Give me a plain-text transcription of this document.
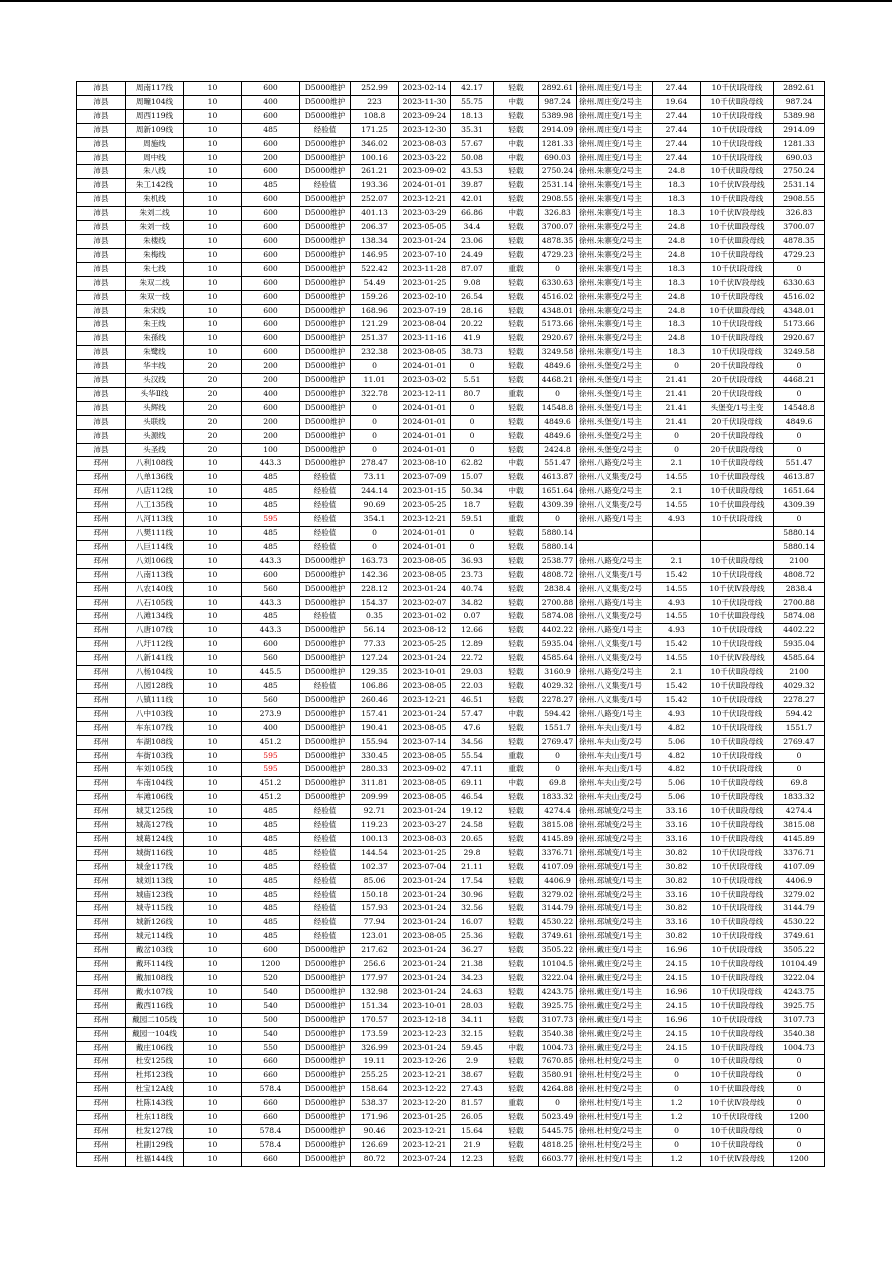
沛县	周南117线	10	600	D5000维护	252.99	2023-02-14	42.17	轻载	2892.61	徐州.周庄变/1号主	27.44	10千伏Ⅰ段母线	2892.61
沛县	周疃104线	10	400	D5000维护	223	2023-11-30	55.75	中载	987.24	徐州.周庄变/2号主	19.64	10千伏Ⅱ段母线	987.24
沛县	周西119线	10	600	D5000维护	108.8	2023-09-24	18.13	轻载	5389.98	徐州.周庄变/1号主	27.44	10千伏Ⅰ段母线	5389.98
沛县	周新109线	10	485	经验值	171.25	2023-12-30	35.31	轻载	2914.09	徐州.周庄变/1号主	27.44	10千伏Ⅰ段母线	2914.09
沛县	周施线	10	600	D5000维护	346.02	2023-08-03	57.67	中载	1281.33	徐州.周庄变/1号主	27.44	10千伏Ⅰ段母线	1281.33
沛县	周中线	10	200	D5000维护	100.16	2023-03-22	50.08	中载	690.03	徐州.周庄变/1号主	27.44	10千伏Ⅰ段母线	690.03
沛县	朱八线	10	600	D5000维护	261.21	2023-09-02	43.53	轻载	2750.24	徐州.朱寨变/2号主	24.8	10千伏Ⅱ段母线	2750.24
沛县	朱工142线	10	485	经验值	193.36	2024-01-01	39.87	轻载	2531.14	徐州.朱寨变/1号主	18.3	10千伏Ⅳ段母线	2531.14
沛县	朱机线	10	600	D5000维护	252.07	2023-12-21	42.01	轻载	2908.55	徐州.朱寨变/1号主	18.3	10千伏Ⅱ段母线	2908.55
沛县	朱刘二线	10	600	D5000维护	401.13	2023-03-29	66.86	中载	326.83	徐州.朱寨变/1号主	18.3	10千伏Ⅳ段母线	326.83
沛县	朱刘一线	10	600	D5000维护	206.37	2023-05-05	34.4	轻载	3700.07	徐州.朱寨变/2号主	24.8	10千伏Ⅲ段母线	3700.07
沛县	朱楼线	10	600	D5000维护	138.34	2023-01-24	23.06	轻载	4878.35	徐州.朱寨变/2号主	24.8	10千伏Ⅲ段母线	4878.35
沛县	朱梅线	10	600	D5000维护	146.95	2023-07-10	24.49	轻载	4729.23	徐州.朱寨变/2号主	24.8	10千伏Ⅱ段母线	4729.23
沛县	朱七线	10	600	D5000维护	522.42	2023-11-28	87.07	重载	0	徐州.朱寨变/1号主	18.3	10千伏Ⅰ段母线	0
沛县	朱双二线	10	600	D5000维护	54.49	2023-01-25	9.08	轻载	6330.63	徐州.朱寨变/1号主	18.3	10千伏Ⅳ段母线	6330.63
沛县	朱双一线	10	600	D5000维护	159.26	2023-02-10	26.54	轻载	4516.02	徐州.朱寨变/2号主	24.8	10千伏Ⅱ段母线	4516.02
沛县	朱宋线	10	600	D5000维护	168.96	2023-07-19	28.16	轻载	4348.01	徐州.朱寨变/2号主	24.8	10千伏Ⅲ段母线	4348.01
沛县	朱王线	10	600	D5000维护	121.29	2023-08-04	20.22	轻载	5173.66	徐州.朱寨变/1号主	18.3	10千伏Ⅰ段母线	5173.66
沛县	朱孫线	10	600	D5000维护	251.37	2023-11-16	41.9	轻载	2920.67	徐州.朱寨变/2号主	24.8	10千伏Ⅱ段母线	2920.67
沛县	朱鹭线	10	600	D5000维护	232.38	2023-08-05	38.73	轻载	3249.58	徐州.朱寨变/1号主	18.3	10千伏Ⅰ段母线	3249.58
沛县	华丰线	20	200	D5000维护	0	2024-01-01	0	轻载	4849.6	徐州.头堡变/2号主	0	20千伏Ⅱ段母线	0
沛县	头汉线	20	200	D5000维护	11.01	2023-03-02	5.51	轻载	4468.21	徐州.头堡变/1号主	21.41	20千伏Ⅰ段母线	4468.21
沛县	头华Ⅱ线	20	400	D5000维护	322.78	2023-12-11	80.7	重载	0	徐州.头堡变/1号主	21.41	20千伏Ⅰ段母线	0
沛县	头辉线	20	600	D5000维护	0	2024-01-01	0	轻载	14548.8	徐州.头堡变/1号主	21.41	头堡变/1号主变	14548.8
沛县	头联线	20	200	D5000维护	0	2024-01-01	0	轻载	4849.6	徐州.头堡变/1号主	21.41	20千伏Ⅰ段母线	4849.6
沛县	头源线	20	200	D5000维护	0	2024-01-01	0	轻载	4849.6	徐州.头堡变/2号主	0	20千伏Ⅱ段母线	0
沛县	头圣线	20	100	D5000维护	0	2024-01-01	0	轻载	2424.8	徐州.头堡变/2号主	0	20千伏Ⅱ段母线	0
邳州	八利108线	10	443.3	D5000维护	278.47	2023-08-10	62.82	中载	551.47	徐州.八路变/2号主	2.1	10千伏Ⅱ段母线	551.47
邳州	八单136线	10	485	经验值	73.11	2023-07-09	15.07	轻载	4613.87	徐州.八义集变/2号	14.55	10千伏Ⅲ段母线	4613.87
邳州	八店112线	10	485	经验值	244.14	2023-01-15	50.34	中载	1651.64	徐州.八路变/2号主	2.1	10千伏Ⅱ段母线	1651.64
邳州	八工135线	10	485	经验值	90.69	2023-05-25	18.7	轻载	4309.39	徐州.八义集变/2号	14.55	10千伏Ⅲ段母线	4309.39
邳州	八河113线	10	595	经验值	354.1	2023-12-21	59.51	重载	0	徐州.八路变/1号主	4.93	10千伏Ⅰ段母线	0
邳州	八樊111线	10	485	经验值	0	2024-01-01	0	轻载	5880.14				5880.14
邳州	八巨114线	10	485	经验值	0	2024-01-01	0	轻载	5880.14				5880.14
邳州	八刘106线	10	443.3	D5000维护	163.73	2023-08-05	36.93	轻载	2538.77	徐州.八路变/2号主	2.1	10千伏Ⅱ段母线	2100
邳州	八南113线	10	600	D5000维护	142.36	2023-08-05	23.73	轻载	4808.72	徐州.八义集变/1号	15.42	10千伏Ⅰ段母线	4808.72
邳州	八农140线	10	560	D5000维护	228.12	2023-01-24	40.74	轻载	2838.4	徐州.八义集变/2号	14.55	10千伏Ⅳ段母线	2838.4
邳州	八石105线	10	443.3	D5000维护	154.37	2023-02-07	34.82	轻载	2700.88	徐州.八路变/1号主	4.93	10千伏Ⅰ段母线	2700.88
邳州	八滩134线	10	485	经验值	0.35	2023-01-02	0.07	轻载	5874.08	徐州.八义集变/2号	14.55	10千伏Ⅲ段母线	5874.08
邳州	八唐107线	10	443.3	D5000维护	56.14	2023-08-12	12.66	轻载	4402.22	徐州.八路变/1号主	4.93	10千伏Ⅰ段母线	4402.22
邳州	八圩112线	10	600	D5000维护	77.33	2023-05-25	12.89	轻载	5935.04	徐州.八义集变/1号	15.42	10千伏Ⅰ段母线	5935.04
邳州	八新141线	10	560	D5000维护	127.24	2023-01-24	22.72	轻载	4585.64	徐州.八义集变/2号	14.55	10千伏Ⅳ段母线	4585.64
邳州	八杨104线	10	445.5	D5000维护	129.35	2023-10-01	29.03	轻载	3160.9	徐州.八路变/2号主	2.1	10千伏Ⅱ段母线	2100
邳州	八园128线	10	485	经验值	106.86	2023-08-05	22.03	轻载	4029.32	徐州.八义集变/1号	15.42	10千伏Ⅱ段母线	4029.32
邳州	八镇111线	10	560	D5000维护	260.46	2023-12-21	46.51	轻载	2278.27	徐州.八义集变/1号	15.42	10千伏Ⅰ段母线	2278.27
邳州	八中103线	10	273.9	D5000维护	157.41	2023-01-24	57.47	中载	594.42	徐州.八路变/1号主	4.93	10千伏Ⅰ段母线	594.42
邳州	车东107线	10	400	D5000维护	190.41	2023-08-05	47.6	轻载	1551.7	徐州.车夫山变/1号	4.82	10千伏Ⅰ段母线	1551.7
邳州	车湖108线	10	451.2	D5000维护	155.94	2023-07-14	34.56	轻载	2769.47	徐州.车夫山变/2号	5.06	10千伏Ⅱ段母线	2769.47
邳州	车街103线	10	595	D5000维护	330.45	2023-08-05	55.54	重载	0	徐州.车夫山变/1号	4.82	10千伏Ⅰ段母线	0
邳州	车刘105线	10	595	D5000维护	280.33	2023-09-02	47.11	重载	0	徐州.车夫山变/1号	4.82	10千伏Ⅰ段母线	0
邳州	车南104线	10	451.2	D5000维护	311.81	2023-08-05	69.11	中载	69.8	徐州.车夫山变/2号	5.06	10千伏Ⅱ段母线	69.8
邳州	车滩106线	10	451.2	D5000维护	209.99	2023-08-05	46.54	轻载	1833.32	徐州.车夫山变/2号	5.06	10千伏Ⅱ段母线	1833.32
邳州	城艾125线	10	485	经验值	92.71	2023-01-24	19.12	轻载	4274.4	徐州.邳城变/2号主	33.16	10千伏Ⅱ段母线	4274.4
邳州	城高127线	10	485	经验值	119.23	2023-03-27	24.58	轻载	3815.08	徐州.邳城变/2号主	33.16	10千伏Ⅱ段母线	3815.08
邳州	城葛124线	10	485	经验值	100.13	2023-08-03	20.65	轻载	4145.89	徐州.邳城变/2号主	33.16	10千伏Ⅱ段母线	4145.89
邳州	城街116线	10	485	经验值	144.54	2023-01-25	29.8	轻载	3376.71	徐州.邳城变/1号主	30.82	10千伏Ⅰ段母线	3376.71
邳州	城金117线	10	485	经验值	102.37	2023-07-04	21.11	轻载	4107.09	徐州.邳城变/1号主	30.82	10千伏Ⅰ段母线	4107.09
邳州	城刘113线	10	485	经验值	85.06	2023-01-24	17.54	轻载	4406.9	徐州.邳城变/1号主	30.82	10千伏Ⅰ段母线	4406.9
邳州	城庙123线	10	485	经验值	150.18	2023-01-24	30.96	轻载	3279.02	徐州.邳城变/2号主	33.16	10千伏Ⅱ段母线	3279.02
邳州	城寺115线	10	485	经验值	157.93	2023-01-24	32.56	轻载	3144.79	徐州.邳城变/1号主	30.82	10千伏Ⅰ段母线	3144.79
邳州	城新126线	10	485	经验值	77.94	2023-01-24	16.07	轻载	4530.22	徐州.邳城变/2号主	33.16	10千伏Ⅱ段母线	4530.22
邳州	城元114线	10	485	经验值	123.01	2023-08-05	25.36	轻载	3749.61	徐州.邳城变/1号主	30.82	10千伏Ⅰ段母线	3749.61
邳州	戴岔103线	10	600	D5000维护	217.62	2023-01-24	36.27	轻载	3505.22	徐州.戴庄变/1号主	16.96	10千伏Ⅰ段母线	3505.22
邳州	戴环114线	10	1200	D5000维护	256.6	2023-01-24	21.38	轻载	10104.5	徐州.戴庄变/2号主	24.15	10千伏Ⅱ段母线	10104.49
邳州	戴加108线	10	520	D5000维护	177.97	2023-01-24	34.23	轻载	3222.04	徐州.戴庄变/2号主	24.15	10千伏Ⅱ段母线	3222.04
邳州	戴水107线	10	540	D5000维护	132.98	2023-01-24	24.63	轻载	4243.75	徐州.戴庄变/1号主	16.96	10千伏Ⅰ段母线	4243.75
邳州	戴西116线	10	540	D5000维护	151.34	2023-10-01	28.03	轻载	3925.75	徐州.戴庄变/2号主	24.15	10千伏Ⅱ段母线	3925.75
邳州	戴园二105线	10	500	D5000维护	170.57	2023-12-18	34.11	轻载	3107.73	徐州.戴庄变/1号主	16.96	10千伏Ⅰ段母线	3107.73
邳州	戴园一104线	10	540	D5000维护	173.59	2023-12-23	32.15	轻载	3540.38	徐州.戴庄变/2号主	24.15	10千伏Ⅱ段母线	3540.38
邳州	戴庄106线	10	550	D5000维护	326.99	2023-01-24	59.45	中载	1004.73	徐州.戴庄变/2号主	24.15	10千伏Ⅱ段母线	1004.73
邳州	杜安125线	10	660	D5000维护	19.11	2023-12-26	2.9	轻载	7670.85	徐州.杜村变/2号主	0	10千伏Ⅱ段母线	0
邳州	杜邦123线	10	660	D5000维护	255.25	2023-12-21	38.67	轻载	3580.91	徐州.杜村变/2号主	0	10千伏Ⅱ段母线	0
邳州	杜宝12A线	10	578.4	D5000维护	158.64	2023-12-22	27.43	轻载	4264.88	徐州.杜村变/2号主	0	10千伏Ⅲ段母线	0
邳州	杜陈143线	10	660	D5000维护	538.37	2023-12-20	81.57	重载	0	徐州.杜村变/1号主	1.2	10千伏Ⅳ段母线	0
邳州	杜东118线	10	660	D5000维护	171.96	2023-01-25	26.05	轻载	5023.49	徐州.杜村变/1号主	1.2	10千伏Ⅰ段母线	1200
邳州	杜发127线	10	578.4	D5000维护	90.46	2023-12-21	15.64	轻载	5445.75	徐州.杜村变/2号主	0	10千伏Ⅱ段母线	0
邳州	杜副129线	10	578.4	D5000维护	126.69	2023-12-21	21.9	轻载	4818.25	徐州.杜村变/2号主	0	10千伏Ⅱ段母线	0
邳州	杜福144线	10	660	D5000维护	80.72	2023-07-24	12.23	轻载	6603.77	徐州.杜村变/1号主	1.2	10千伏Ⅳ段母线	1200
